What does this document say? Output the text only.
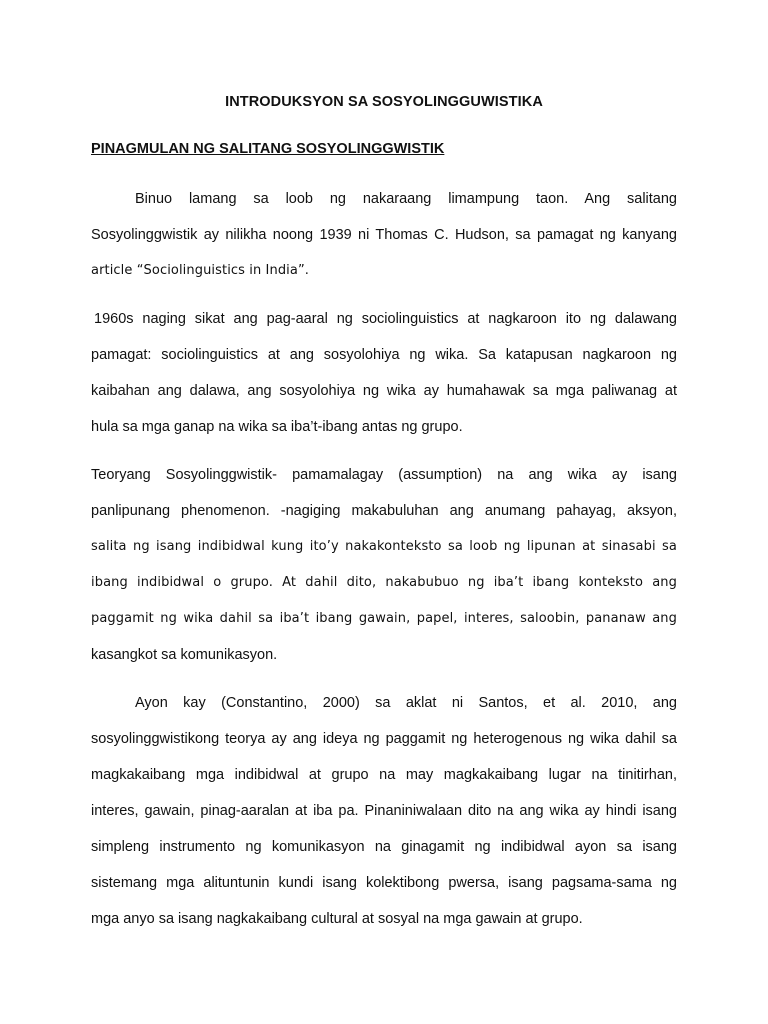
INTRODUKSYON SA SOSYOLINGGUWISTIKA
PINAGMULAN NG SALITANG SOSYOLINGGWISTIK
Binuo lamang sa loob ng nakaraang limampung taon. Ang salitang
Sosyolinggwistik ay nilikha noong 1939 ni Thomas C. Hudson, sa pamagat ng kanyang
article “Sociolinguistics in India”.
1960s naging sikat ang pag-aaral ng sociolinguistics at nagkaroon ito ng dalawang
pamagat: sociolinguistics at ang sosyolohiya ng wika. Sa katapusan nagkaroon ng
kaibahan ang dalawa, ang sosyolohiya ng wika ay humahawak sa mga paliwanag at
hula sa mga ganap na wika sa iba’t-ibang antas ng grupo.
Teoryang Sosyolinggwistik- pamamalagay (assumption) na ang wika ay isang
panlipunang phenomenon. -nagiging makabuluhan ang anumang pahayag, aksyon,
salita ng isang indibidwal kung ito’y nakakonteksto sa loob ng lipunan at sinasabi sa
ibang indibidwal o grupo. At dahil dito, nakabubuo ng iba’t ibang konteksto ang
paggamit ng wika dahil sa iba’t ibang gawain, papel, interes, saloobin, pananaw ang
kasangkot sa komunikasyon.
Ayon kay (Constantino, 2000) sa aklat ni Santos, et al. 2010, ang
sosyolinggwistikong teorya ay ang ideya ng paggamit ng heterogenous ng wika dahil sa
magkakaibang mga indibidwal at grupo na may magkakaibang lugar na tinitirhan,
interes, gawain, pinag-aaralan at iba pa. Pinaniniwalaan dito na ang wika ay hindi isang
simpleng instrumento ng komunikasyon na ginagamit ng indibidwal ayon sa isang
sistemang mga alituntunin kundi isang kolektibong pwersa, isang pagsama-sama ng
mga anyo sa isang nagkakaibang cultural at sosyal na mga gawain at grupo.
